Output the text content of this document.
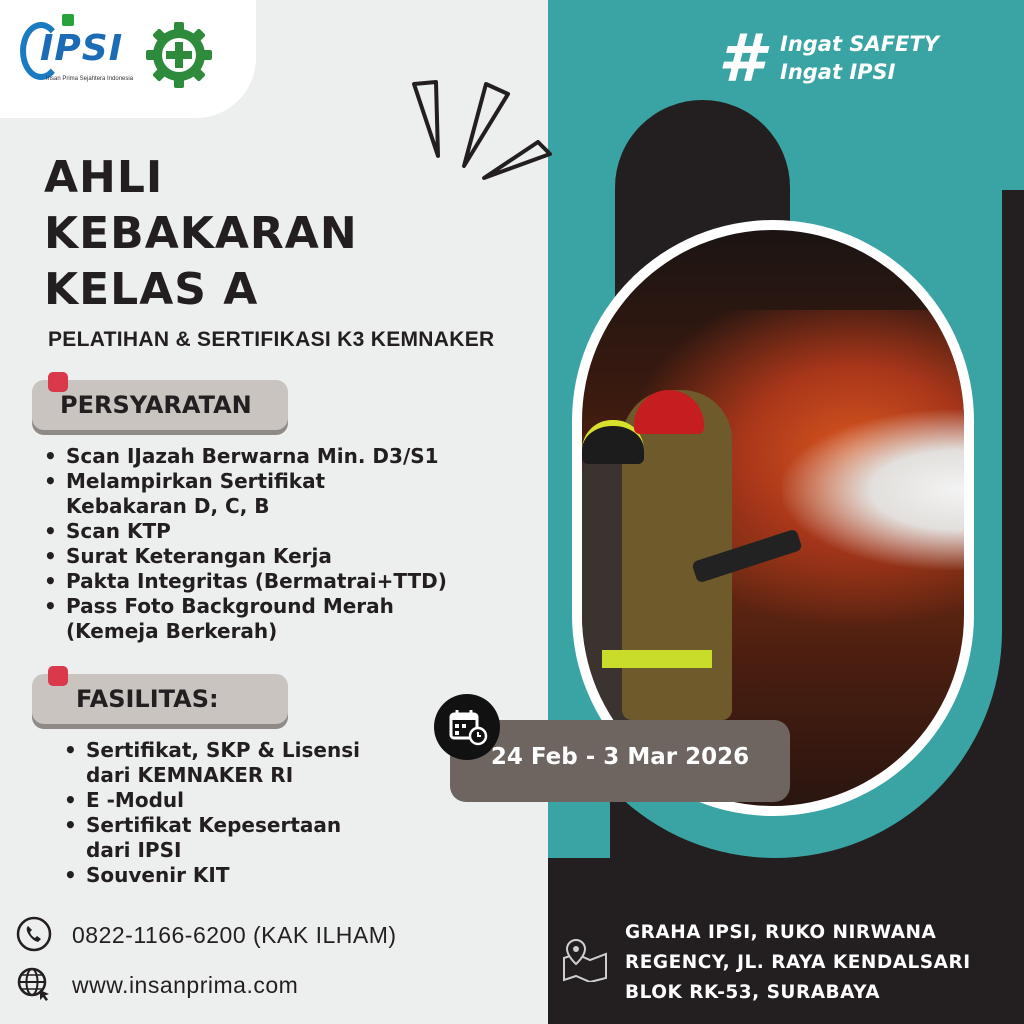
IPSI
Insan Prima Sejahtera Indonesia	# Ingat SAFETY
Ingat IPSI
AHLI
KEBAKARAN
KELAS A
PELATIHAN & SERTIFIKASI K3 KEMNAKER
PERSYARATAN
• Scan IJazah Berwarna Min. D3/S1
• Melampirkan Sertifikat
Kebakaran D, C, B
• Scan KTP
• Surat Keterangan Kerja
• Pakta Integritas (Bermatrai+TTD)
• Pass Foto Background Merah
(Kemeja Berkerah)
FASILITAS:
• Sertifikat, SKP & Lisensi
dari KEMNAKER RI
• E -Modul
• Sertifikat Kepesertaan
dari IPSI
• Souvenir KIT
24 Feb - 3 Mar 2026
0822-1166-6200 (KAK ILHAM)
www.insanprima.com
GRAHA IPSI, RUKO NIRWANA
REGENCY, JL. RAYA KENDALSARI
BLOK RK-53, SURABAYA
